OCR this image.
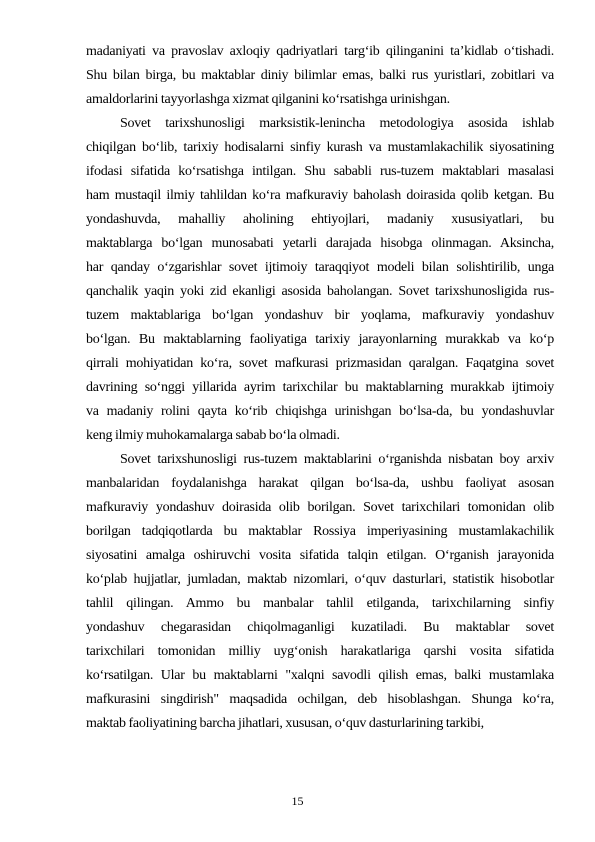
madaniyati va pravoslav axloqiy qadriyatlari targ‘ib qilinganini ta’kidlab o‘tishadi.
Shu bilan birga, bu maktablar diniy bilimlar emas, balki rus yuristlari, zobitlari va
amaldorlarini tayyorlashga xizmat qilganini ko‘rsatishga urinishgan.
Sovet tarixshunosligi marksistik-lenincha metodologiya asosida ishlab
chiqilgan bo‘lib, tarixiy hodisalarni sinfiy kurash va mustamlakachilik siyosatining
ifodasi sifatida ko‘rsatishga intilgan. Shu sababli rus-tuzem maktablari masalasi
ham mustaqil ilmiy tahlildan ko‘ra mafkuraviy baholash doirasida qolib ketgan. Bu
yondashuvda, mahalliy aholining ehtiyojlari, madaniy xususiyatlari, bu
maktablarga bo‘lgan munosabati yetarli darajada hisobga olinmagan. Aksincha,
har qanday o‘zgarishlar sovet ijtimoiy taraqqiyot modeli bilan solishtirilib, unga
qanchalik yaqin yoki zid ekanligi asosida baholangan. Sovet tarixshunosligida rus-
tuzem maktablariga bo‘lgan yondashuv bir yoqlama, mafkuraviy yondashuv
bo‘lgan. Bu maktablarning faoliyatiga tarixiy jarayonlarning murakkab va ko‘p
qirrali mohiyatidan ko‘ra, sovet mafkurasi prizmasidan qaralgan. Faqatgina sovet
davrining so‘nggi yillarida ayrim tarixchilar bu maktablarning murakkab ijtimoiy
va madaniy rolini qayta ko‘rib chiqishga urinishgan bo‘lsa-da, bu yondashuvlar
keng ilmiy muhokamalarga sabab bo‘la olmadi.
Sovet tarixshunosligi rus-tuzem maktablarini o‘rganishda nisbatan boy arxiv
manbalaridan foydalanishga harakat qilgan bo‘lsa-da, ushbu faoliyat asosan
mafkuraviy yondashuv doirasida olib borilgan. Sovet tarixchilari tomonidan olib
borilgan tadqiqotlarda bu maktablar Rossiya imperiyasining mustamlakachilik
siyosatini amalga oshiruvchi vosita sifatida talqin etilgan. O‘rganish jarayonida
ko‘plab hujjatlar, jumladan, maktab nizomlari, o‘quv dasturlari, statistik hisobotlar
tahlil qilingan. Ammo bu manbalar tahlil etilganda, tarixchilarning sinfiy
yondashuv chegarasidan chiqolmaganligi kuzatiladi. Bu maktablar sovet
tarixchilari tomonidan milliy uyg‘onish harakatlariga qarshi vosita sifatida
ko‘rsatilgan. Ular bu maktablarni "xalqni savodli qilish emas, balki mustamlaka
mafkurasini singdirish" maqsadida ochilgan, deb hisoblashgan. Shunga ko‘ra,
maktab faoliyatining barcha jihatlari, xususan, o‘quv dasturlarining tarkibi,
15
